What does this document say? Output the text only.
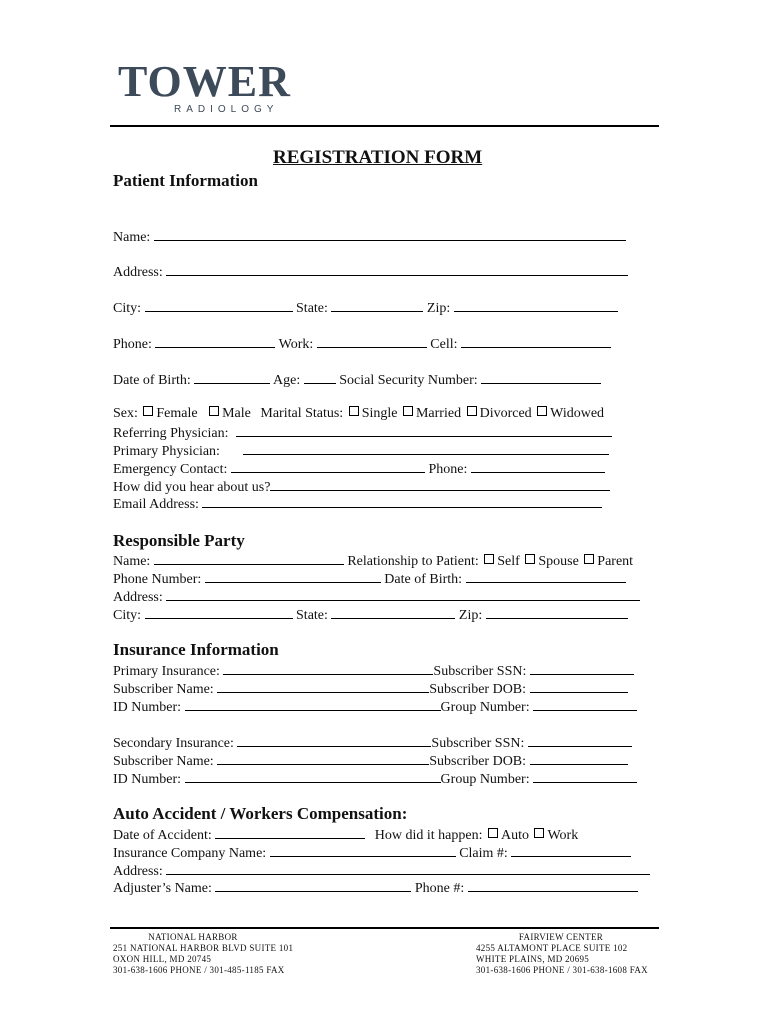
TOWER
RADIOLOGY
REGISTRATION FORM
Patient Information
Name:
Address:
City:	State:	Zip:
Phone:	Work:	Cell:
Date of Birth:	Age:	Social Security Number:
Sex: Female Male Marital Status: Single Married Divorced Widowed
Referring Physician:
Primary Physician:
Emergency Contact:	Phone:
How did you hear about us?
Email Address:
Responsible Party
Name:	Relationship to Patient: Self Spouse Parent
Phone Number:	Date of Birth:
Address:
City:	State:	Zip:
Insurance Information
Primary Insurance:	Subscriber SSN:
Subscriber Name:	Subscriber DOB:
ID Number:	Group Number:
Secondary Insurance:	Subscriber SSN:
Subscriber Name:	Subscriber DOB:
ID Number:	Group Number:
Auto Accident / Workers Compensation:
Date of Accident:	How did it happen: Auto Work
Insurance Company Name:	Claim #:
Address:
Adjuster’s Name:	Phone #:
NATIONAL HARBOR
251 NATIONAL HARBOR BLVD SUITE 101
OXON HILL, MD 20745
301-638-1606 PHONE / 301-485-1185 FAX
FAIRVIEW CENTER
4255 ALTAMONT PLACE SUITE 102
WHITE PLAINS, MD 20695
301-638-1606 PHONE / 301-638-1608 FAX
